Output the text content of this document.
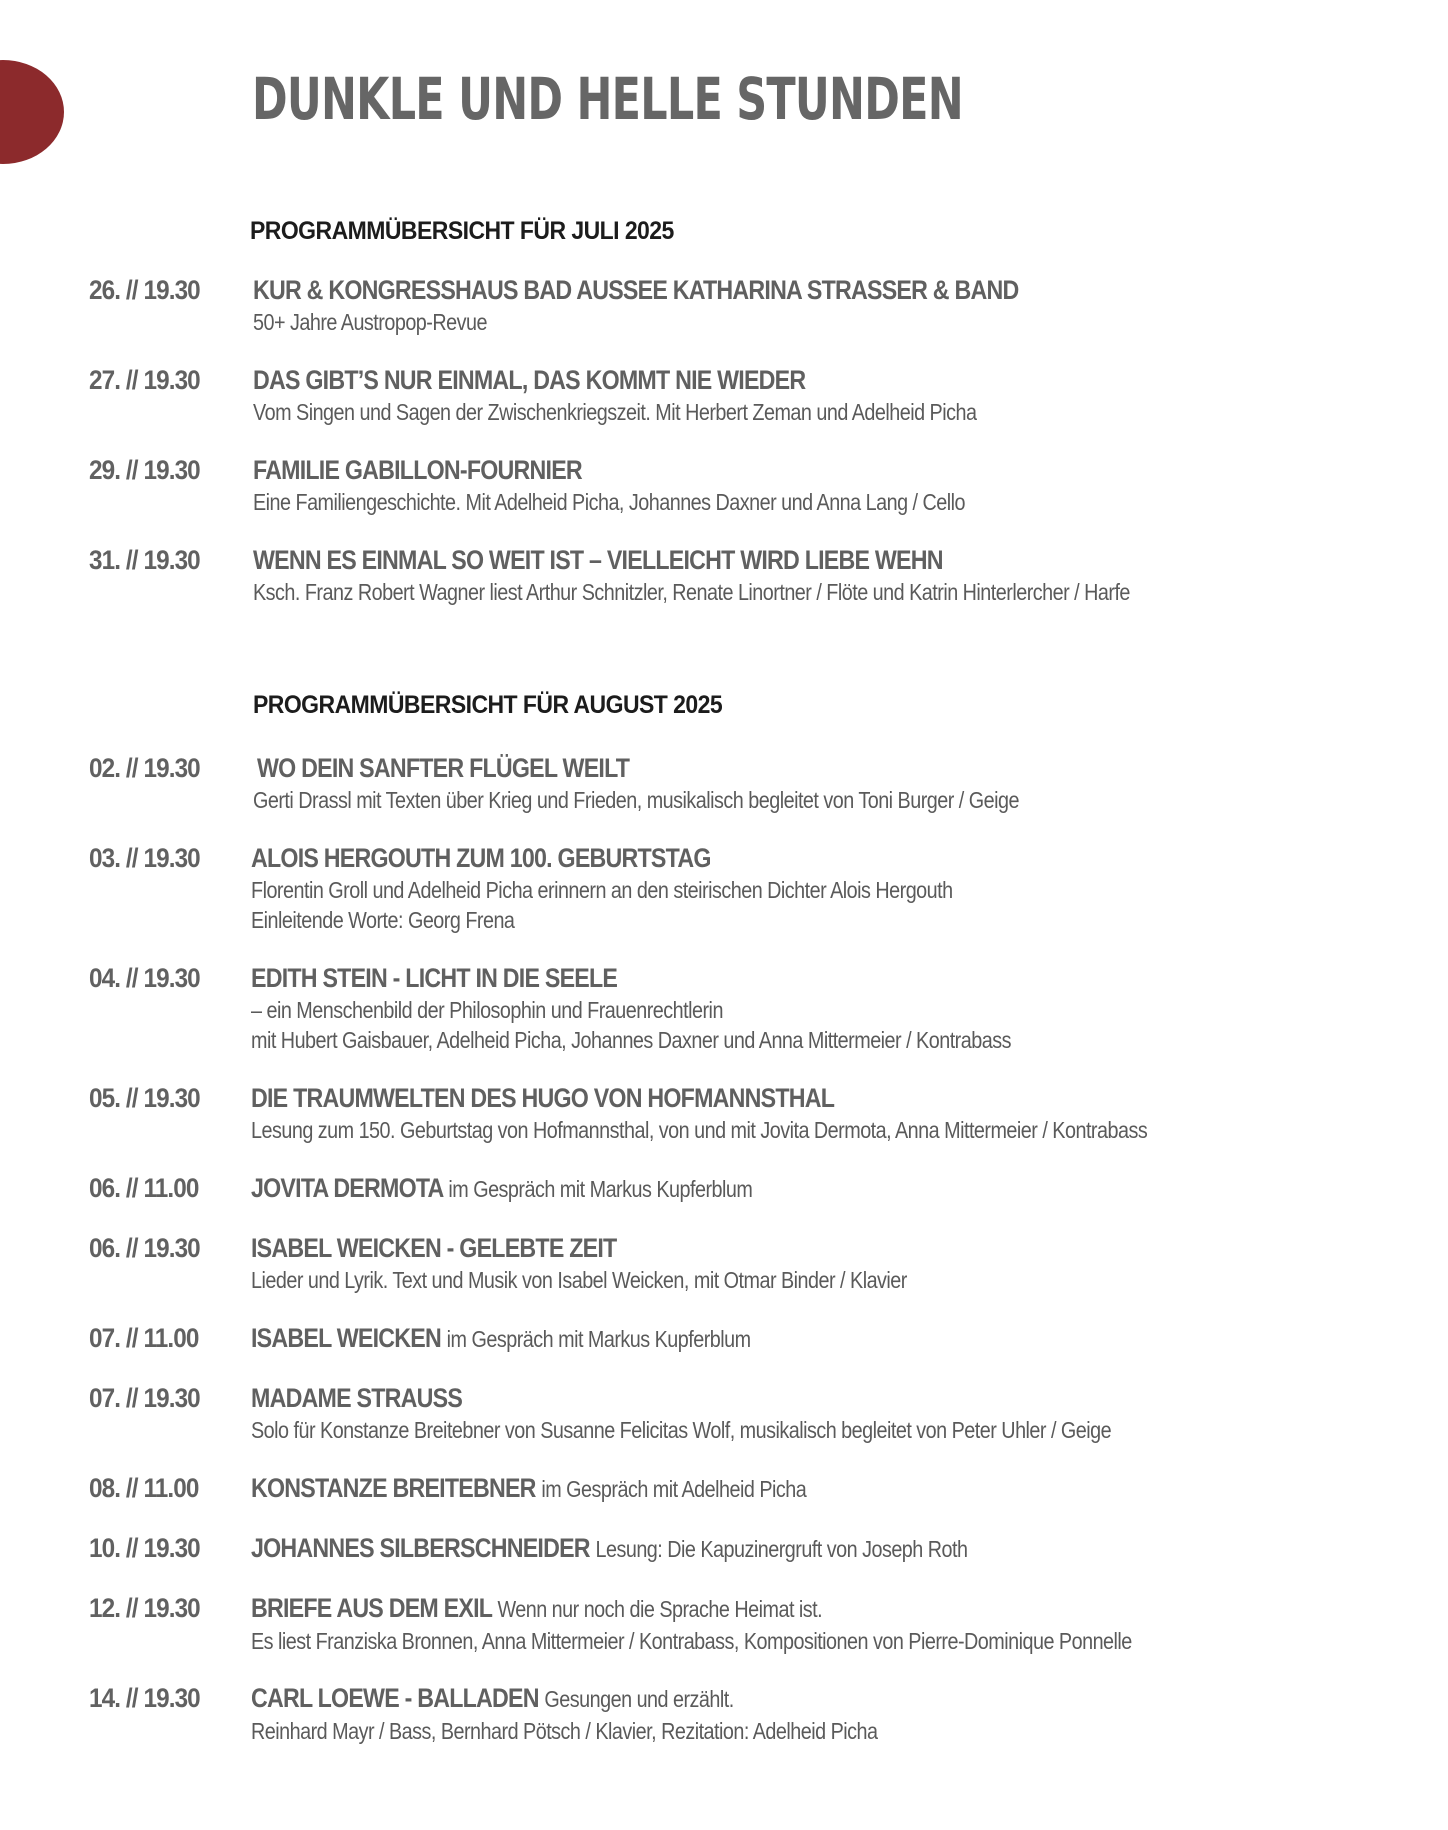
DUNKLE UND HELLE STUNDEN
PROGRAMMÜBERSICHT FÜR JULI 2025
26. // 19.30 KUR & KONGRESSHAUS BAD AUSSEE KATHARINA STRASSER & BAND
50+ Jahre Austropop-Revue
27. // 19.30 DAS GIBT’S NUR EINMAL, DAS KOMMT NIE WIEDER
Vom Singen und Sagen der Zwischenkriegszeit. Mit Herbert Zeman und Adelheid Picha
29. // 19.30 FAMILIE GABILLON-FOURNIER
Eine Familiengeschichte. Mit Adelheid Picha, Johannes Daxner und Anna Lang / Cello
31. // 19.30 WENN ES EINMAL SO WEIT IST – VIELLEICHT WIRD LIEBE WEHN
Ksch. Franz Robert Wagner liest Arthur Schnitzler, Renate Linortner / Flöte und Katrin Hinterlercher / Harfe
PROGRAMMÜBERSICHT FÜR AUGUST 2025
02. // 19.30 WO DEIN SANFTER FLÜGEL WEILT
Gerti Drassl mit Texten über Krieg und Frieden, musikalisch begleitet von Toni Burger / Geige
03. // 19.30 ALOIS HERGOUTH ZUM 100. GEBURTSTAG
Florentin Groll und Adelheid Picha erinnern an den steirischen Dichter Alois Hergouth
Einleitende Worte: Georg Frena
04. // 19.30 EDITH STEIN - LICHT IN DIE SEELE
– ein Menschenbild der Philosophin und Frauenrechtlerin
mit Hubert Gaisbauer, Adelheid Picha, Johannes Daxner und Anna Mittermeier / Kontrabass
05. // 19.30 DIE TRAUMWELTEN DES HUGO VON HOFMANNSTHAL
Lesung zum 150. Geburtstag von Hofmannsthal, von und mit Jovita Dermota, Anna Mittermeier / Kontrabass
06. // 11.00 JOVITA DERMOTA im Gespräch mit Markus Kupferblum
06. // 19.30 ISABEL WEICKEN - GELEBTE ZEIT
Lieder und Lyrik. Text und Musik von Isabel Weicken, mit Otmar Binder / Klavier
07. // 11.00 ISABEL WEICKEN im Gespräch mit Markus Kupferblum
07. // 19.30 MADAME STRAUSS
Solo für Konstanze Breitebner von Susanne Felicitas Wolf, musikalisch begleitet von Peter Uhler / Geige
08. // 11.00 KONSTANZE BREITEBNER im Gespräch mit Adelheid Picha
10. // 19.30 JOHANNES SILBERSCHNEIDER Lesung: Die Kapuzinergruft von Joseph Roth
12. // 19.30 BRIEFE AUS DEM EXIL Wenn nur noch die Sprache Heimat ist.
Es liest Franziska Bronnen, Anna Mittermeier / Kontrabass, Kompositionen von Pierre-Dominique Ponnelle
14. // 19.30 CARL LOEWE - BALLADEN Gesungen und erzählt.
Reinhard Mayr / Bass, Bernhard Pötsch / Klavier, Rezitation: Adelheid Picha
